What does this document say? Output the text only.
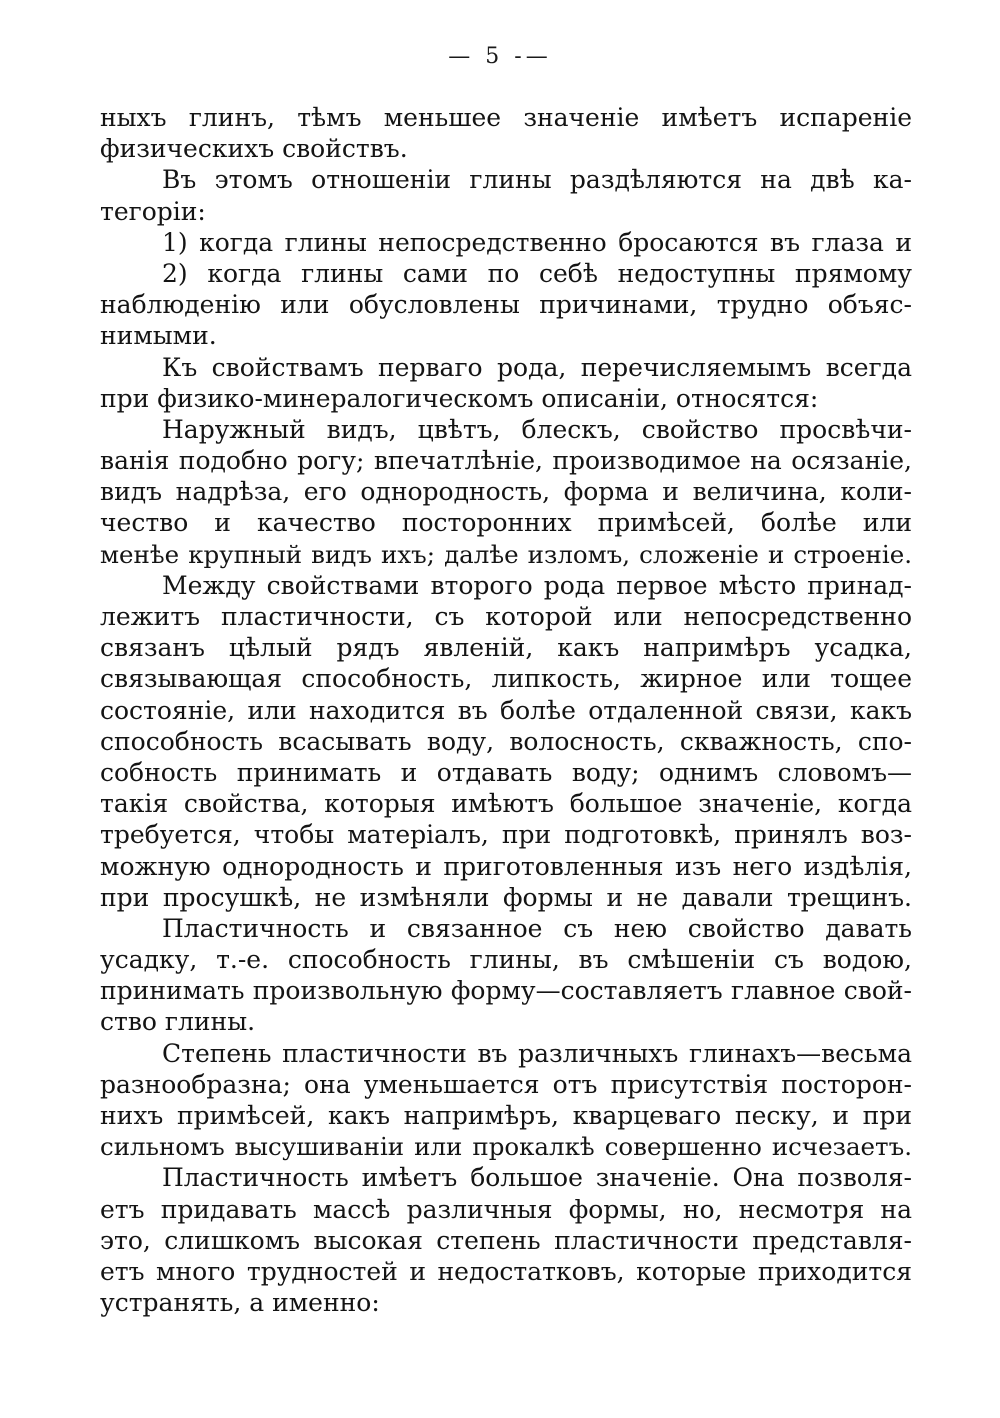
— 5 -—
ныхъ глинъ, тѣмъ меньшее значеніе имѣетъ испареніе
физическихъ свойствъ.
Въ этомъ отношеніи глины раздѣляются на двѣ ка-
тегоріи:
1) когда глины непосредственно бросаются въ глаза и
2) когда глины сами по себѣ недоступны прямому
наблюденію или обусловлены причинами, трудно объяс-
нимыми.
Къ свойствамъ перваго рода, перечисляемымъ всегда
при физико-минералогическомъ описаніи, относятся:
Наружный видъ, цвѣтъ, блескъ, свойство просвѣчи-
ванія подобно рогу; впечатлѣніе, производимое на осязаніе,
видъ надрѣза, его однородность, форма и величина, коли-
чество и качество посторонних примѣсей, болѣе или
менѣе крупный видъ ихъ; далѣе изломъ, сложеніе и строеніе.
Между свойствами второго рода первое мѣсто принад-
лежитъ пластичности, съ которой или непосредственно
связанъ цѣлый рядъ явленій, какъ напримѣръ усадка,
связывающая способность, липкость, жирное или тощее
состояніе, или находится въ болѣе отдаленной связи, какъ
способность всасывать воду, волосность, скважность, спо-
собность принимать и отдавать воду; однимъ словомъ—
такія свойства, которыя имѣютъ большое значеніе, когда
требуется, чтобы матеріалъ, при подготовкѣ, принялъ воз-
можную однородность и приготовленныя изъ него издѣлія,
при просушкѣ, не измѣняли формы и не давали трещинъ.
Пластичность и связанное съ нею свойство давать
усадку, т.-е. способность глины, въ смѣшеніи съ водою,
принимать произвольную форму—составляетъ главное свой-
ство глины.
Степень пластичности въ различныхъ глинахъ—весьма
разнообразна; она уменьшается отъ присутствія посторон-
нихъ примѣсей, какъ напримѣръ, кварцеваго песку, и при
сильномъ высушиваніи или прокалкѣ совершенно исчезаетъ.
Пластичность имѣетъ большое значеніе. Она позволя-
етъ придавать массѣ различныя формы, но, несмотря на
это, слишкомъ высокая степень пластичности представля-
етъ много трудностей и недостатковъ, которые приходится
устранять, а именно:
